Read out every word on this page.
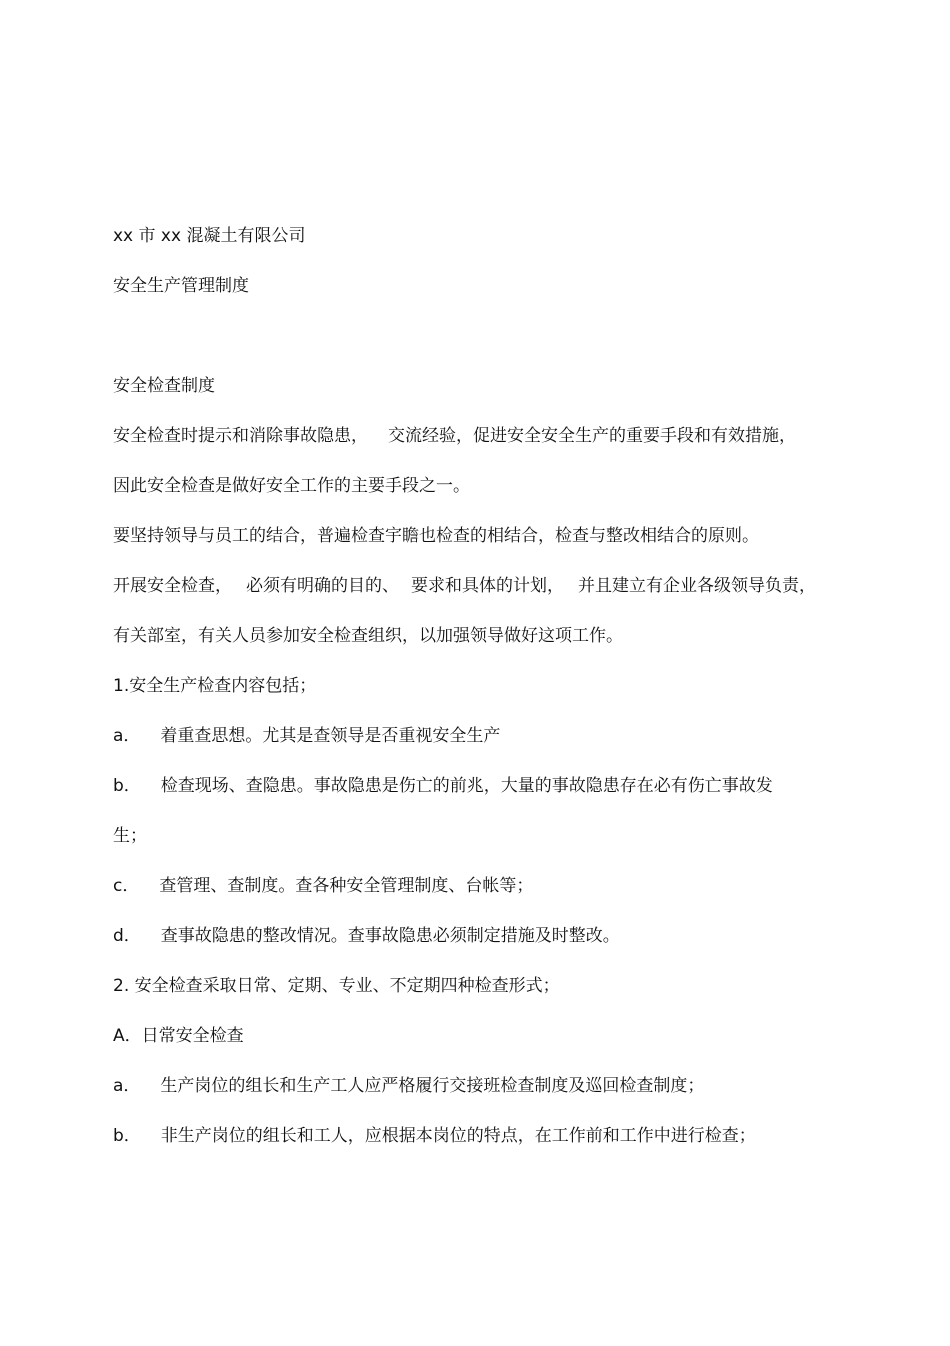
xx 市 xx 混凝土有限公司
安全生产管理制度
安全检查制度
安全检查时提示和消除事故隐患， 交流经验，促进安全安全生产的重要手段和有效措施，
因此安全检查是做好安全工作的主要手段之一。
要坚持领导与员工的结合，普遍检查宇瞻也检查的相结合，检查与整改相结合的原则。
开展安全检查， 必须有明确的目的、 要求和具体的计划， 并且建立有企业各级领导负责，
有关部室，有关人员参加安全检查组织，以加强领导做好这项工作。
1.安全生产检查内容包括；
a． 着重查思想。尤其是查领导是否重视安全生产
b． 检查现场、查隐患。事故隐患是伤亡的前兆，大量的事故隐患存在必有伤亡事故发
生；
c． 查管理、查制度。查各种安全管理制度、台帐等；
d． 查事故隐患的整改情况。查事故隐患必须制定措施及时整改。
2. 安全检查采取日常、定期、专业、不定期四种检查形式；
A．日常安全检查
a． 生产岗位的组长和生产工人应严格履行交接班检查制度及巡回检查制度；
b． 非生产岗位的组长和工人，应根据本岗位的特点，在工作前和工作中进行检查；
